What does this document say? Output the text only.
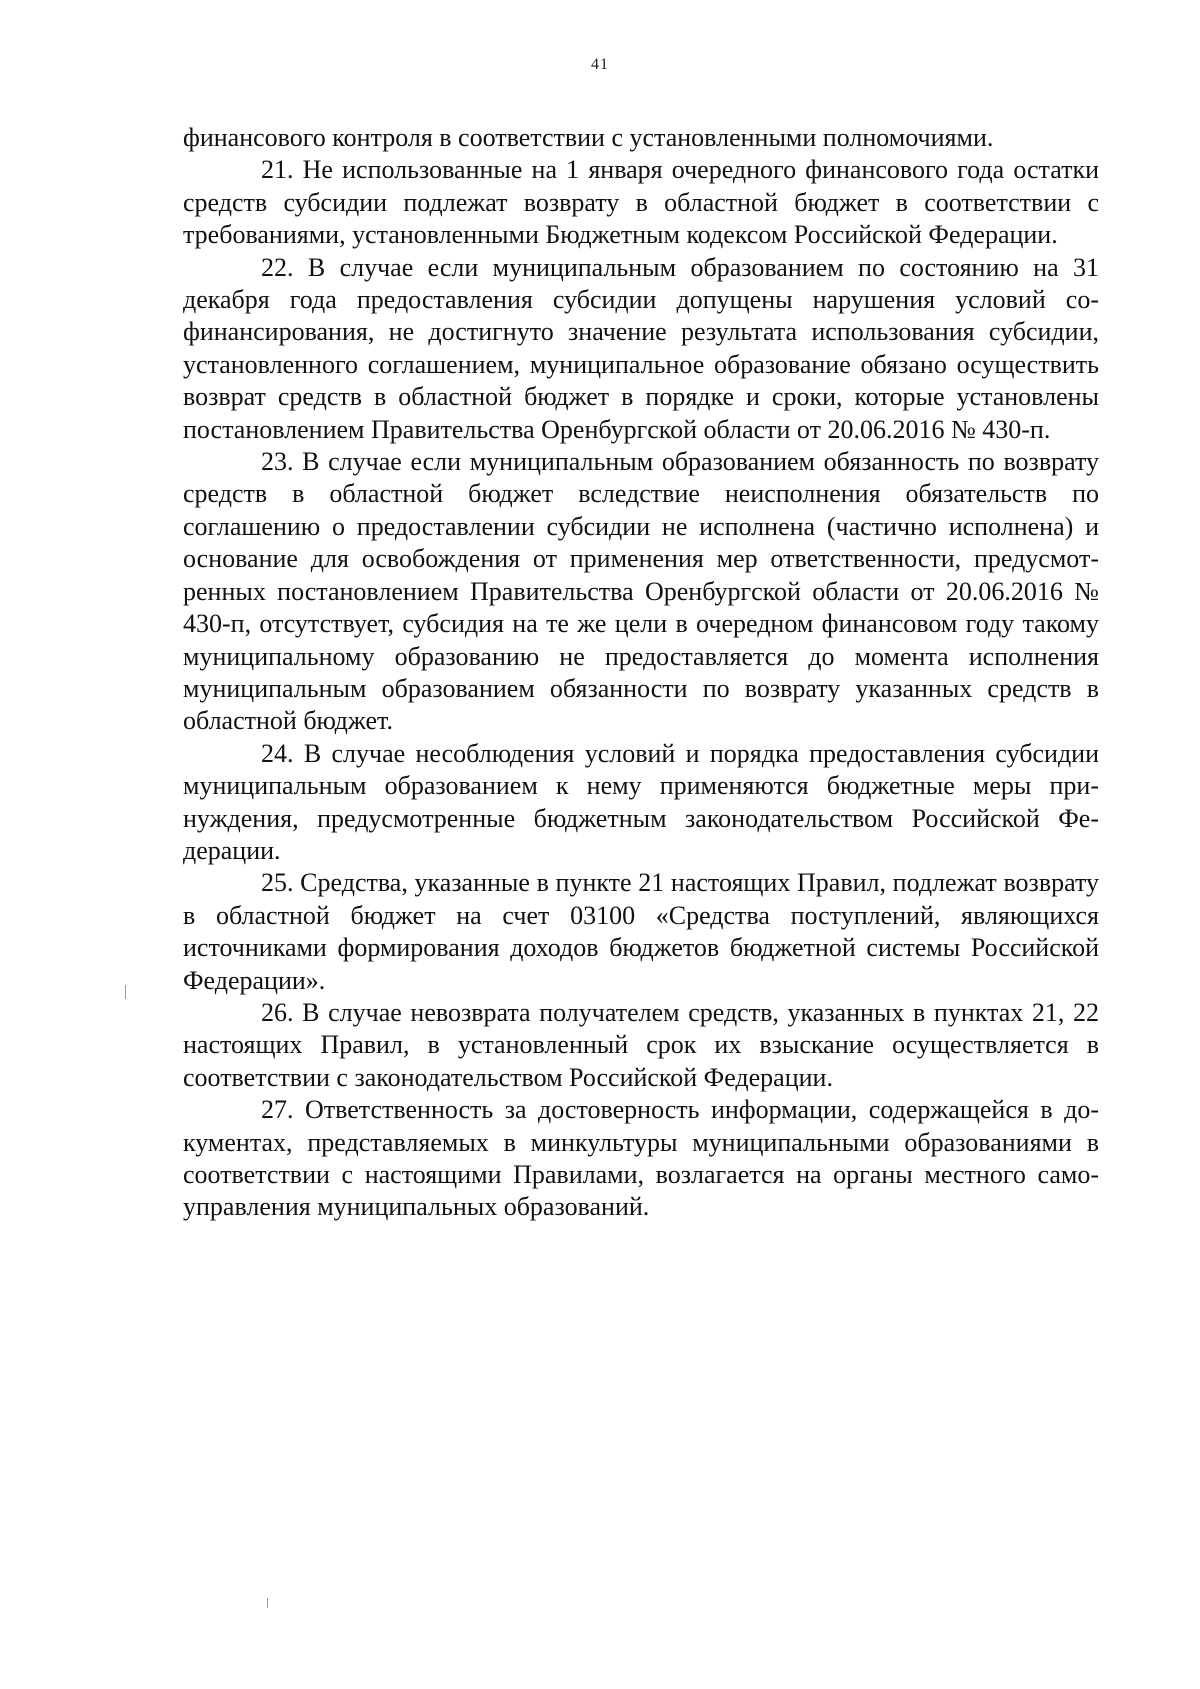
41

финансового контроля в соответствии с установленными полномочиями.

21. Не использованные на 1 января очередного финансового года остатки средств субсидии подлежат возврату в областной бюджет в соответствии с требованиями, установленными Бюджетным кодексом Российской Федерации.

22. В случае если муниципальным образованием по состоянию на 31 декабря года предоставления субсидии допущены нарушения условий софинансирования, не достигнуто значение результата использования субсидии, установленного соглашением, муниципальное образование обязано осуществить возврат средств в областной бюджет в порядке и сроки, которые установлены постановлением Правительства Оренбургской области от 20.06.2016 № 430-п.

23. В случае если муниципальным образованием обязанность по возврату средств в областной бюджет вследствие неисполнения обязательств по соглашению о предоставлении субсидии не исполнена (частично исполнена) и основание для освобождения от применения мер ответственности, предусмотренных постановлением Правительства Оренбургской области от 20.06.2016 № 430-п, отсутствует, субсидия на те же цели в очередном финансовом году такому муниципальному образованию не предоставляется до момента исполнения муниципальным образованием обязанности по возврату указанных средств в областной бюджет.

24. В случае несоблюдения условий и порядка предоставления субсидии муниципальным образованием к нему применяются бюджетные меры принуждения, предусмотренные бюджетным законодательством Российской Федерации.

25. Средства, указанные в пункте 21 настоящих Правил, подлежат возврату в областной бюджет на счет 03100 «Средства поступлений, являющихся источниками формирования доходов бюджетов бюджетной системы Российской Федерации».

26. В случае невозврата получателем средств, указанных в пунктах 21, 22 настоящих Правил, в установленный срок их взыскание осуществляется в соответствии с законодательством Российской Федерации.

27. Ответственность за достоверность информации, содержащейся в документах, представляемых в минкультуры муниципальными образованиями в соответствии с настоящими Правилами, возлагается на органы местного самоуправления муниципальных образований.
